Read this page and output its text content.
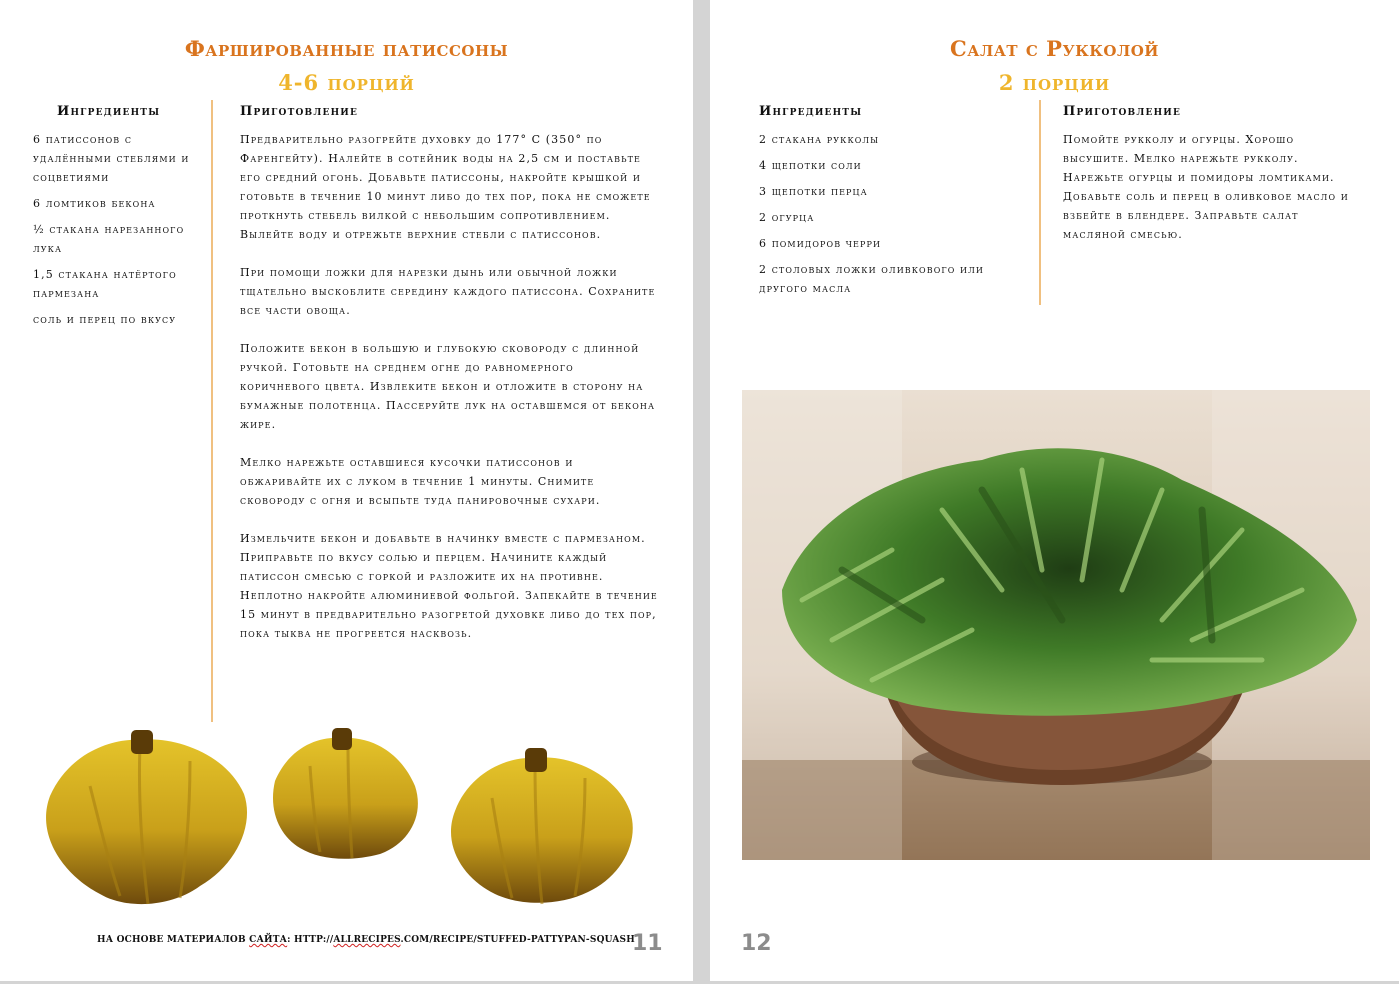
Фаршированные патиссоны
4-6 порций
Ингредиенты
6 патиссонов с удалёнными стеблями и соцветиями
6 ломтиков бекона
½ стакана нарезанного лука
1,5 стакана натёртого пармезана
соль и перец по вкусу
Приготовление

Предварительно разогрейте духовку до 177° С (350° по Фаренгейту). Налейте в сотейник воды на 2,5 см и поставьте его средний огонь. Добавьте патиссоны, накройте крышкой и готовьте в течение 10 минут либо до тех пор, пока не сможете проткнуть стебель вилкой с небольшим сопротивлением. Вылейте воду и отрежьте верхние стебли с патиссонов.

При помощи ложки для нарезки дынь или обычной ложки тщательно выскоблите середину каждого патиссона. Сохраните все части овоща.

Положите бекон в большую и глубокую сковороду с длинной ручкой. Готовьте на среднем огне до равномерного коричневого цвета. Извлеките бекон и отложите в сторону на бумажные полотенца. Пассеруйте лук на оставшемся от бекона жире.

Мелко нарежьте оставшиеся кусочки патиссонов и обжаривайте их с луком в течение 1 минуты. Снимите сковороду с огня и всыпьте туда панировочные сухари.

Измельчите бекон и добавьте в начинку вместе с пармезаном. Приправьте по вкусу солью и перцем. Начините каждый патиссон смесью с горкой и разложите их на противне. Неплотно накройте алюминиевой фольгой. Запекайте в течение 15 минут в предварительно разогретой духовке либо до тех пор, пока тыква не прогреется насквозь.

НА ОСНОВЕ МАТЕРИАЛОВ САЙТА: HTTP://ALLRECIPES.COM/RECIPE/STUFFED-PATTYPAN-SQUASH
11
Салат с Рукколой
2 порции
Ингредиенты
2 стакана рукколы
4 щепотки соли
3 щепотки перца
2 огурца
6 помидоров черри
2 столовых ложки оливкового или другого масла
Приготовление

Помойте рукколу и огурцы. Хорошо высушите. Мелко нарежьте рукколу. Нарежьте огурцы и помидоры ломтиками. Добавьте соль и перец в оливковое масло и взбейте в блендере. Заправьте салат масляной смесью.

12
